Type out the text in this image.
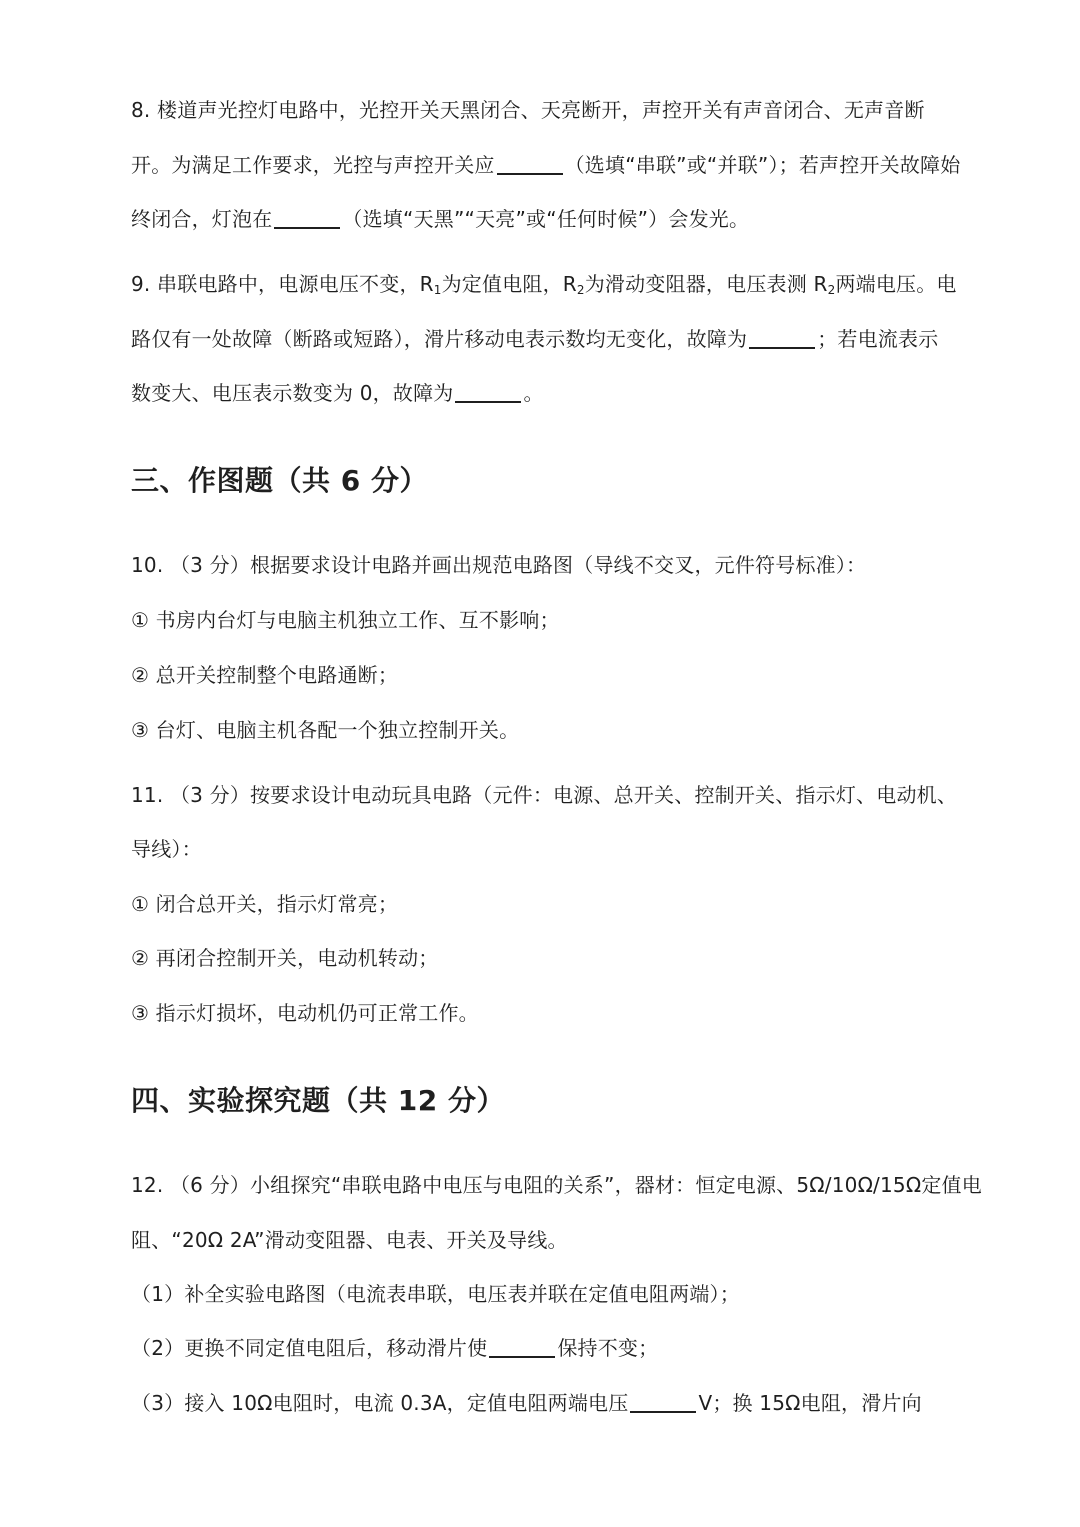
8. 楼道声光控灯电路中，光控开关天黑闭合、天亮断开，声控开关有声音闭合、无声音断
开。为满足工作要求，光控与声控开关应	（选填“串联”或“并联”）；若声控开关故障始
终闭合，灯泡在	（选填“天黑”“天亮”或“任何时候”）会发光。
9. 串联电路中，电源电压不变，$R_1$为定值电阻，$R_2$为滑动变阻器，电压表测 $R_2$两端电压。电
路仅有一处故障（断路或短路），滑片移动电表示数均无变化，故障为	；若电流表示
数变大、电压表示数变为 0，故障为	。
三、作图题（共 6 分）
10. （3 分）根据要求设计电路并画出规范电路图（导线不交叉，元件符号标准）：
① 书房内台灯与电脑主机独立工作、互不影响；
② 总开关控制整个电路通断；
③ 台灯、电脑主机各配一个独立控制开关。
11. （3 分）按要求设计电动玩具电路（元件：电源、总开关、控制开关、指示灯、电动机、
导线）：
① 闭合总开关，指示灯常亮；
② 再闭合控制开关，电动机转动；
③ 指示灯损坏，电动机仍可正常工作。
四、实验探究题（共 12 分）
12. （6 分）小组探究“串联电路中电压与电阻的关系”，器材：恒定电源、5Ω/10Ω/15Ω定值电
阻、“20Ω 2A”滑动变阻器、电表、开关及导线。
（1）补全实验电路图（电流表串联，电压表并联在定值电阻两端）；
（2）更换不同定值电阻后，移动滑片使	保持不变；
（3）接入 10Ω电阻时，电流 0.3A，定值电阻两端电压	V；换 15Ω电阻，滑片向
